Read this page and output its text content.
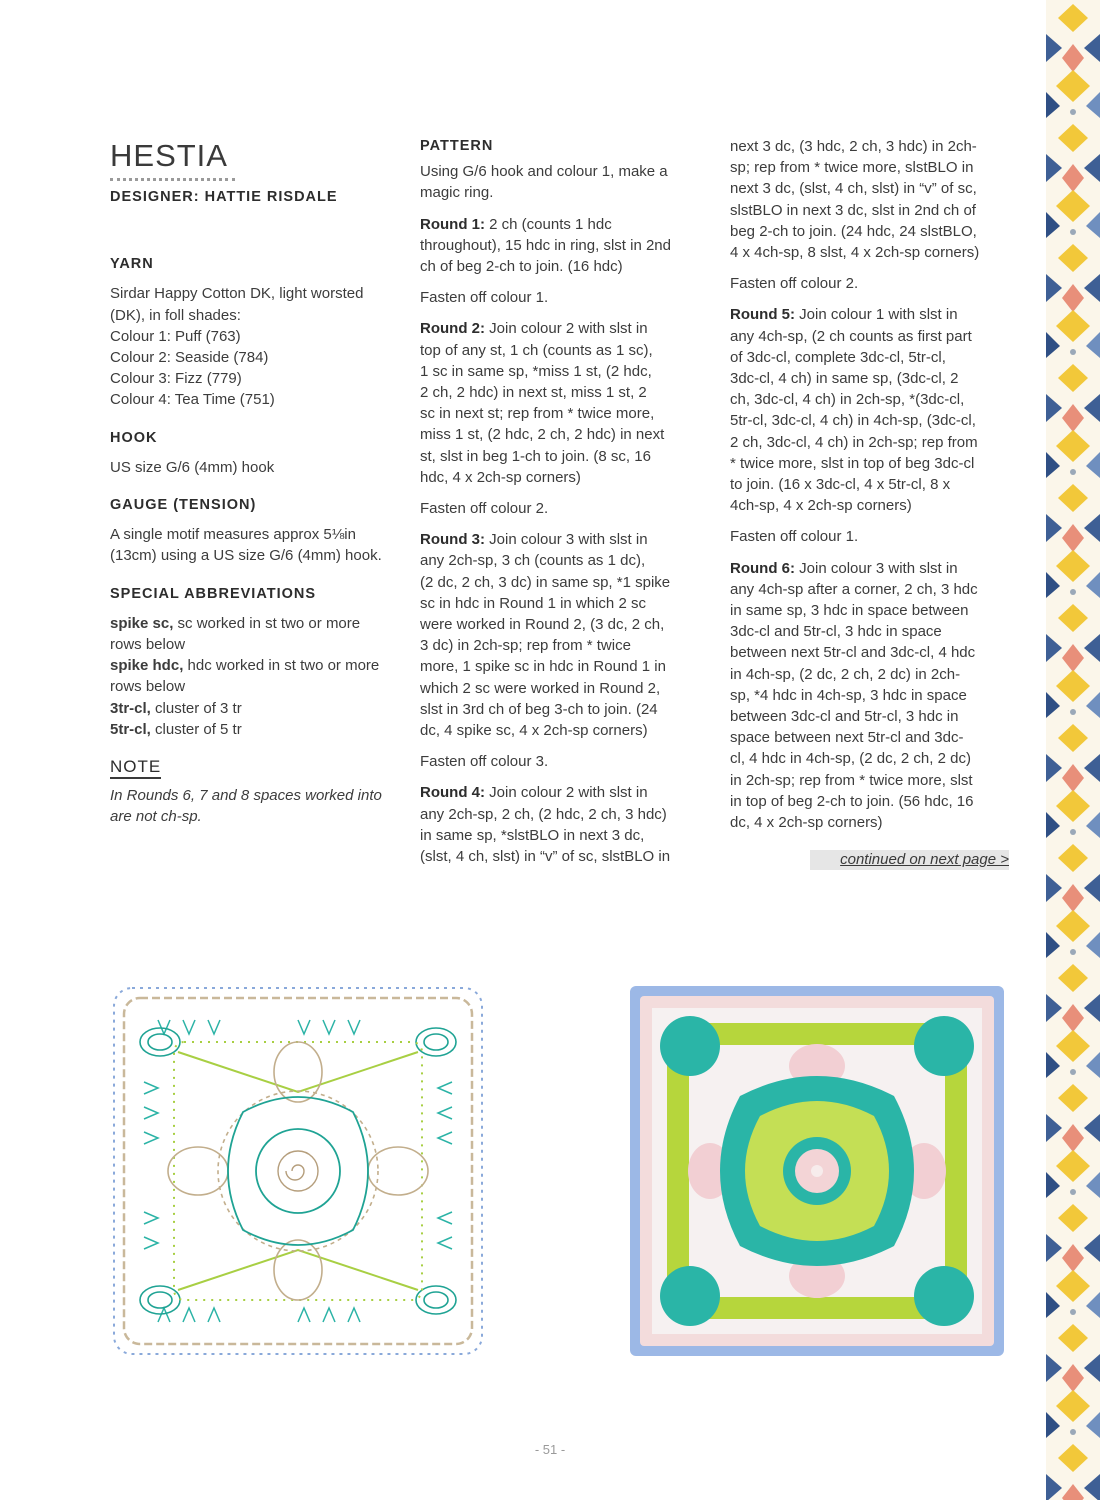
HESTIA
DESIGNER: HATTIE RISDALE
YARN
Sirdar Happy Cotton DK, light worsted
(DK), in foll shades:
Colour 1: Puff (763)
Colour 2: Seaside (784)
Colour 3: Fizz (779)
Colour 4: Tea Time (751)
HOOK
US size G/6 (4mm) hook
GAUGE (TENSION)
A single motif measures approx 5⅛in
(13cm) using a US size G/6 (4mm) hook.
SPECIAL ABBREVIATIONS
spike sc, sc worked in st two or more
rows below
spike hdc, hdc worked in st two or more
rows below
3tr-cl, cluster of 3 tr
5tr-cl, cluster of 5 tr
NOTE
In Rounds 6, 7 and 8 spaces worked into
are not ch-sp.
PATTERN

Using G/6 hook and colour 1, make a
magic ring.

Round 1: 2 ch (counts 1 hdc
throughout), 15 hdc in ring, slst in 2nd
ch of beg 2-ch to join. (16 hdc)

Fasten off colour 1.

Round 2: Join colour 2 with slst in
top of any st, 1 ch (counts as 1 sc),
1 sc in same sp, *miss 1 st, (2 hdc,
2 ch, 2 hdc) in next st, miss 1 st, 2
sc in next st; rep from * twice more,
miss 1 st, (2 hdc, 2 ch, 2 hdc) in next
st, slst in beg 1-ch to join. (8 sc, 16
hdc, 4 x 2ch-sp corners)

Fasten off colour 2.

Round 3: Join colour 3 with slst in
any 2ch-sp, 3 ch (counts as 1 dc),
(2 dc, 2 ch, 3 dc) in same sp, *1 spike
sc in hdc in Round 1 in which 2 sc
were worked in Round 2, (3 dc, 2 ch,
3 dc) in 2ch-sp; rep from * twice
more, 1 spike sc in hdc in Round 1 in
which 2 sc were worked in Round 2,
slst in 3rd ch of beg 3-ch to join. (24
dc, 4 spike sc, 4 x 2ch-sp corners)

Fasten off colour 3.

Round 4: Join colour 2 with slst in
any 2ch-sp, 2 ch, (2 hdc, 2 ch, 3 hdc)
in same sp, *slstBLO in next 3 dc,
(slst, 4 ch, slst) in “v” of sc, slstBLO in

next 3 dc, (3 hdc, 2 ch, 3 hdc) in 2ch-
sp; rep from * twice more, slstBLO in
next 3 dc, (slst, 4 ch, slst) in “v” of sc,
slstBLO in next 3 dc, slst in 2nd ch of
beg 2-ch to join. (24 hdc, 24 slstBLO,
4 x 4ch-sp, 8 slst, 4 x 2ch-sp corners)

Fasten off colour 2.

Round 5: Join colour 1 with slst in
any 4ch-sp, (2 ch counts as first part
of 3dc-cl, complete 3dc-cl, 5tr-cl,
3dc-cl, 4 ch) in same sp, (3dc-cl, 2
ch, 3dc-cl, 4 ch) in 2ch-sp, *(3dc-cl,
5tr-cl, 3dc-cl, 4 ch) in 4ch-sp, (3dc-cl,
2 ch, 3dc-cl, 4 ch) in 2ch-sp; rep from
* twice more, slst in top of beg 3dc-cl
to join. (16 x 3dc-cl, 4 x 5tr-cl, 8 x
4ch-sp, 4 x 2ch-sp corners)

Fasten off colour 1.

Round 6: Join colour 3 with slst in
any 4ch-sp after a corner, 2 ch, 3 hdc
in same sp, 3 hdc in space between
3dc-cl and 5tr-cl, 3 hdc in space
between next 5tr-cl and 3dc-cl, 4 hdc
in 4ch-sp, (2 dc, 2 ch, 2 dc) in 2ch-
sp, *4 hdc in 4ch-sp, 3 hdc in space
between 3dc-cl and 5tr-cl, 3 hdc in
space between next 5tr-cl and 3dc-
cl, 4 hdc in 4ch-sp, (2 dc, 2 ch, 2 dc)
in 2ch-sp; rep from * twice more, slst
in top of beg 2-ch to join. (56 hdc, 16
dc, 4 x 2ch-sp corners)

continued on next page >
- 51 -
